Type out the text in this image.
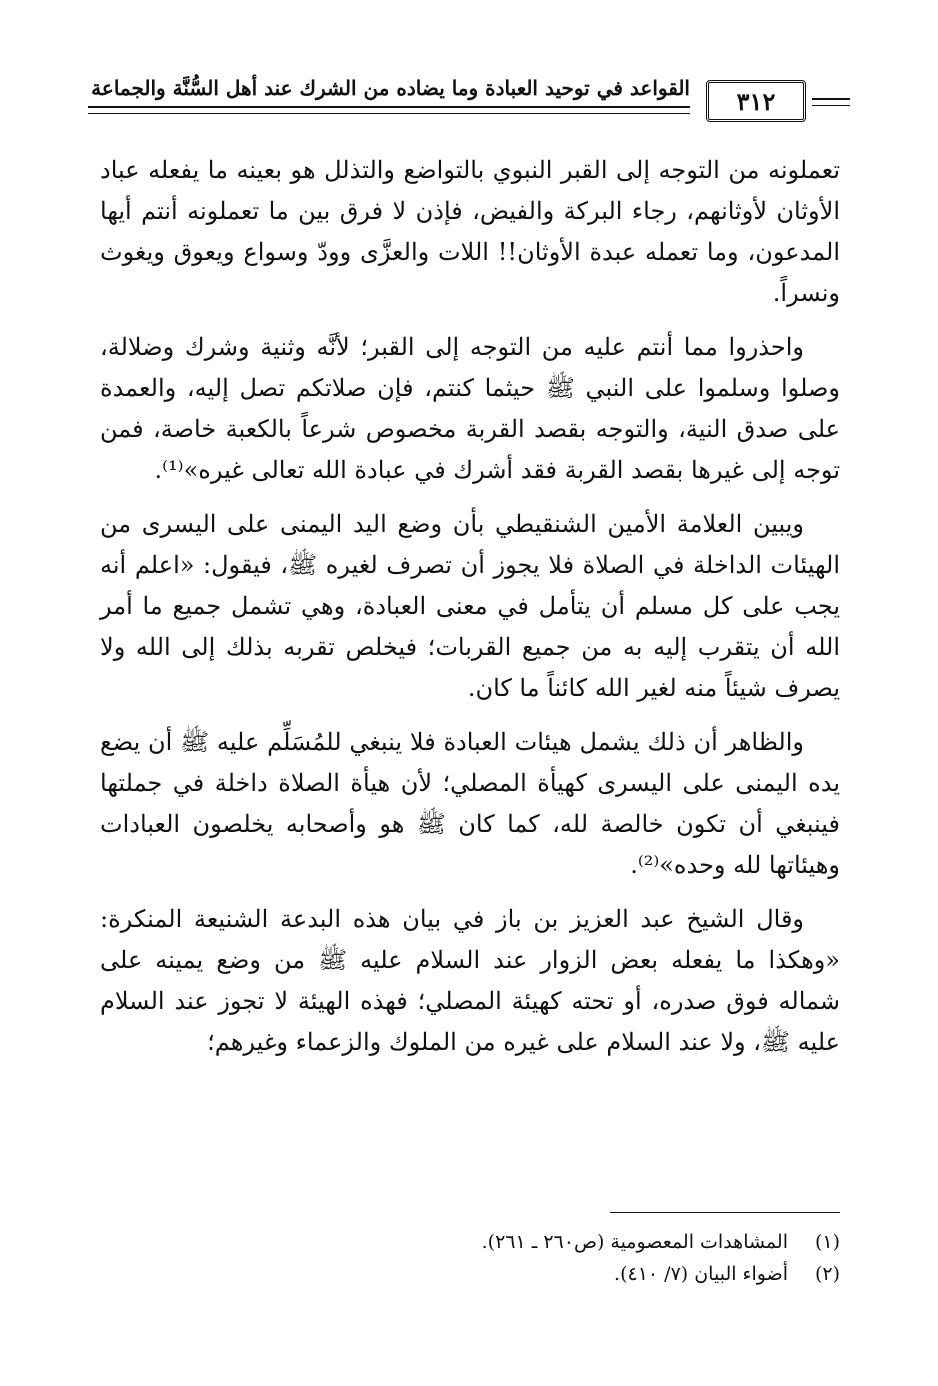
القواعد في توحيد العبادة وما يضاده من الشرك عند أهل السُّنَّة والجماعة ٣١٢

تعملونه من التوجه إلى القبر النبوي بالتواضع والتذلل هو بعينه ما يفعله عباد الأوثان لأوثانهم، رجاء البركة والفيض، فإذن لا فرق بين ما تعملونه أنتم أيها المدعون، وما تعمله عبدة الأوثان!! اللات والعزَّى وودّ وسواع ويعوق ويغوث ونسراً.

واحذروا مما أنتم عليه من التوجه إلى القبر؛ لأنَّه وثنية وشرك وضلالة، وصلوا وسلموا على النبي ﷺ حيثما كنتم، فإن صلاتكم تصل إليه، والعمدة على صدق النية، والتوجه بقصد القربة مخصوص شرعاً بالكعبة خاصة، فمن توجه إلى غيرها بقصد القربة فقد أشرك في عبادة الله تعالى غيره»⁽¹⁾.

ويبين العلامة الأمين الشنقيطي بأن وضع اليد اليمنى على اليسرى من الهيئات الداخلة في الصلاة فلا يجوز أن تصرف لغيره ﷺ، فيقول: «اعلم أنه يجب على كل مسلم أن يتأمل في معنى العبادة، وهي تشمل جميع ما أمر الله أن يتقرب إليه به من جميع القربات؛ فيخلص تقربه بذلك إلى الله ولا يصرف شيئاً منه لغير الله كائناً ما كان.

والظاهر أن ذلك يشمل هيئات العبادة فلا ينبغي للمُسَلِّم عليه ﷺ أن يضع يده اليمنى على اليسرى كهيأة المصلي؛ لأن هيأة الصلاة داخلة في جملتها فينبغي أن تكون خالصة لله، كما كان ﷺ هو وأصحابه يخلصون العبادات وهيئاتها لله وحده»⁽²⁾.

وقال الشيخ عبد العزيز بن باز في بيان هذه البدعة الشنيعة المنكرة: «وهكذا ما يفعله بعض الزوار عند السلام عليه ﷺ من وضع يمينه على شماله فوق صدره، أو تحته كهيئة المصلي؛ فهذه الهيئة لا تجوز عند السلام عليه ﷺ، ولا عند السلام على غيره من الملوك والزعماء وغيرهم؛

(١)
المشاهدات المعصومية (ص٢٦٠ ـ ٢٦١).
(٢)
أضواء البيان (٧/ ٤١٠).
